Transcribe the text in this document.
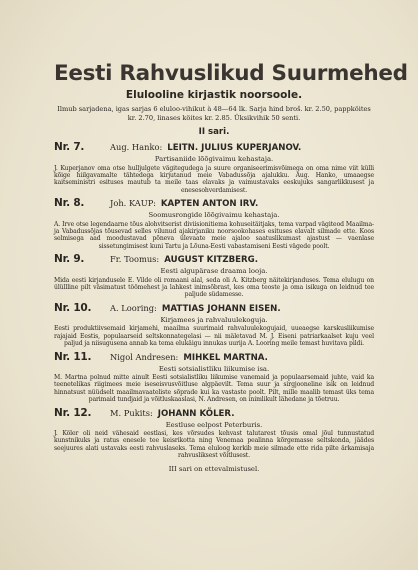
Eesti Rahvuslikud Suurmehed
Elulooline kirjastik noorsoole.
Ilmub sarjadena, igas sarjas 6 eluloo-vihikut à 48—64 lk. Sarja hind broš. kr. 2.50, pappköites kr. 2.70, linases köites kr. 2.85. Üksikvihik 50 senti.
II sari.
Nr. 7.	Aug. Hanko: LEITN. JULIUS KUPERJANOV.
Partisaniide lõõgivaimu kehastaja.
J. Kuperjanov oma otse hulljulgete vägitegudega ja suure organiseerimisvõimega on oma nime viit külli kõige hiilgavamalte tähtedega kirjutanud meie Vabadussõja ajalukku. Aug. Hanko, umaaegse kaitseministri esituses mautub ta meile taas elavaks ja vaimustavaks eeskujuks sangarlikkusest ja enesesohverdamisest.
Nr. 8.	Joh. KAUP: KAPTEN ANTON IRV.
Soomusrongide lõõgivaimu kehastaja.
A. Irve otse legendaarne tõus alohvitserist diviisionitiema kohuseitäitjaks, tema varpad vägiteod Maailma- ja Vabadussõjas tõusevad selles vilunud ajakirjaniku noorsookohases esituses elavalt silmade ette. Koos selmisega aad moodustavad põneva ülevaate meie ajaloo saatuslikumast ajastust — vaenlase sissetungimisest kuni Tartu ja Lõuna-Eesti vabastamiseni Eesti vägede poolt.
Nr. 9.	Fr. Toomus: AUGUST KITZBERG.
Eesti algupärase draama looja.
Mida eesti kirjandusele E. Vilde oli romaani alal, seda oli A. Kitzberg näitekirjanduses. Tema elulugu on ülüllline pilt väsimatust töömehest ja lahkest inimsõbrast, kes oma teoste ja oma isikuga on leidnud tee paljude südamesse.
Nr. 10.	A. Looring: MATTIAS JOHANN EISEN.
Kirjamees ja rahvaluulekoguja.
Eesti produktiivsemaid kirjamehi, maailma suurimaid rahvaluulekogujaid, uueaegse karskusliikumise rajajaid Eestis, populaarseid seltskonnategelasi — nii mäletavad M. J. Eiseni patriarkaalset kuju veel paljud ja niisugusena annab ka tema elukäigu innukas uurija A. Looring meile temast huvitava pildi.
Nr. 11.	Nigol Andresen: MIHKEL MARTNA.
Eesti sotsialistliku liikumise isa.
M. Martna polnud mitte ainult Eesti sotsialistliku liikumise vanemaid ja populaarsemaid juhte, vaid ka teenetelikas riigimees meie iseseisvusvõitluse algpäevilt. Tema suur ja sirgjooneline isik on leidnud hinnatsust nüüdselt maailmavaateliste sõprade kui ka vastaste poolt. Pilt, mille maalib temast üks tema parimaid tundjaid ja võitluskaaslasi, N. Andresen, on inimlikult lähedane ja tõetruu.
Nr. 12.	M. Pukits: JOHANN KÖLER.
Eestluse eelpost Peterburis.
J. Köler oli neid vähesaid eestlasi, kes võrsudes kehvast talutarest tõusis omal jõul tunnustatud kunstnikuks ja ratus enesele tee keisrikotta ning Venemaa pealinna kõrgemasse seltskonda, jäädes seejuures alati ustavaks eesti rahvuslaseks. Tema eluloog kerkib meie silmade ette rida pilte ärkamisaja rahvusliksest võitlusest.
III sari on ettevalmistusel.
